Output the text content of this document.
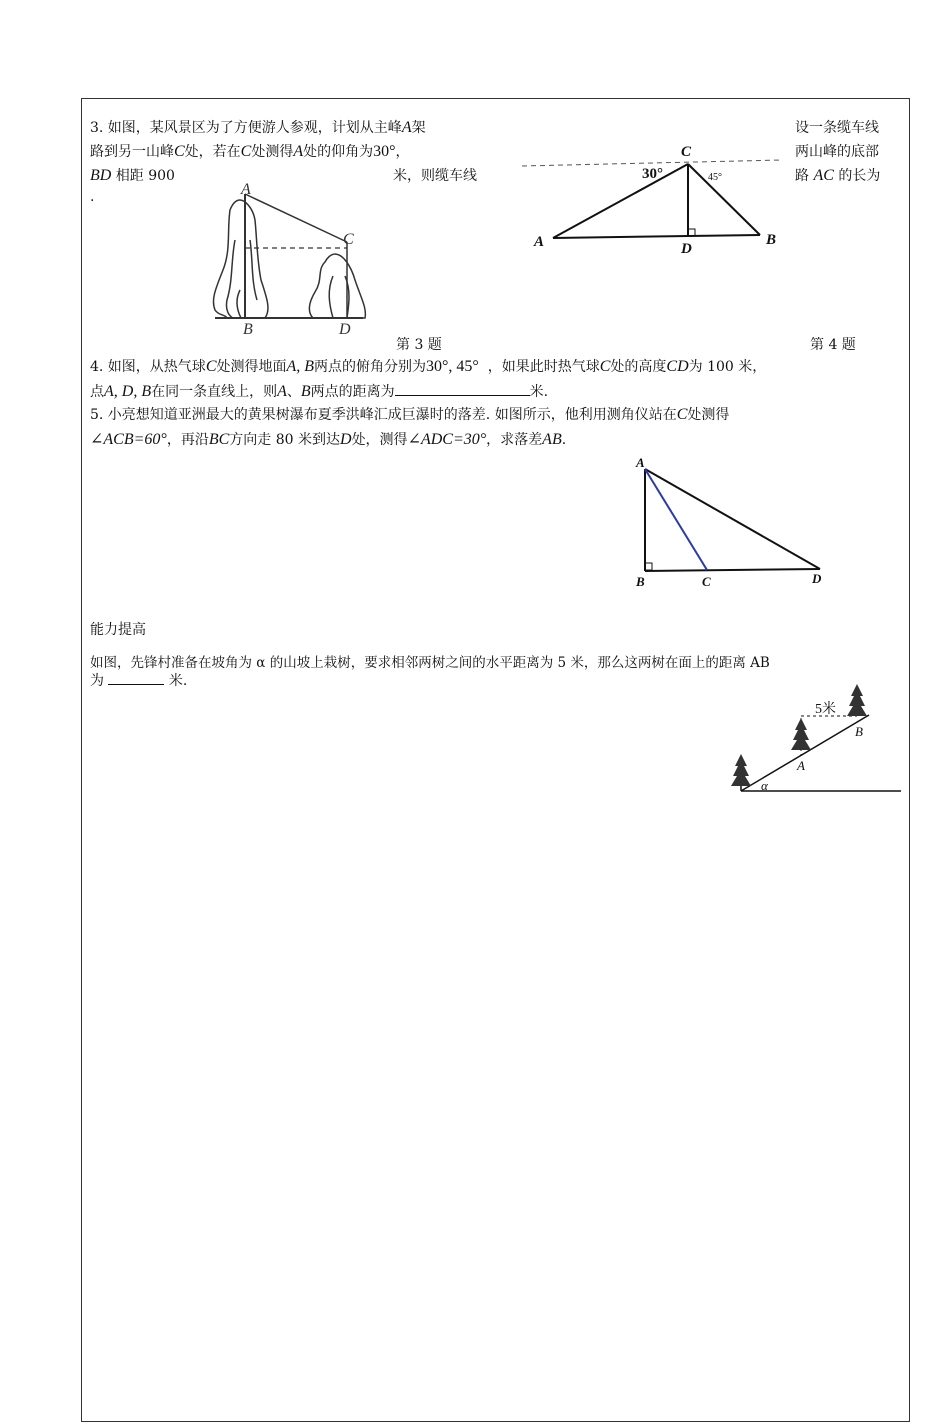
3. 如图，某风景区为了方便游人参观，计划从主峰A架	设一条缆车线
路到另一山峰C处，若在C处测得A处的仰角为30°，	两山峰的底部
BD 相距 900	米，则缆车线	路 AC 的长为
.	A
B
C
D
C
30°	45°
A	D
B
第 3 题	第 4 题
4. 如图，从热气球C处测得地面A, B两点的俯角分别为30°, 45° ，如果此时热气球C处的高度CD为 100 米，
点A, D, B在同一条直线上，则A、B两点的距离为	米.
5. 小亮想知道亚洲最大的黄果树瀑布夏季洪峰汇成巨瀑时的落差. 如图所示，他利用测角仪站在C处测得
∠ACB=60°，再沿BC方向走 80 米到达D处，测得∠ADC=30°，求落差AB.
A
B	C	D
能力提高
如图，先锋村准备在坡角为 α 的山坡上栽树，要求相邻两树之间的水平距离为 5 米，那么这两树在面上的距离 AB
为	米.
5米
A
B
α
